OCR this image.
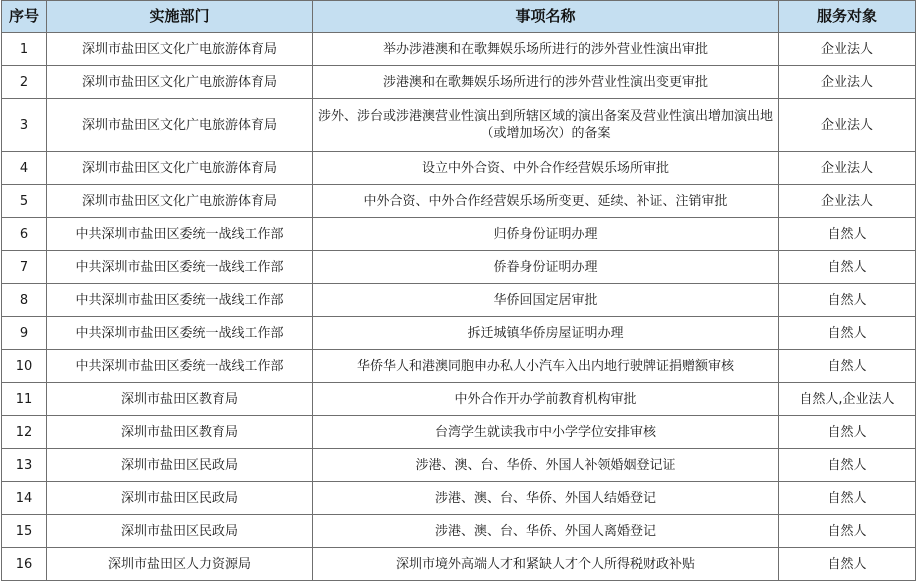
序号	实施部门	事项名称	服务对象
1	深圳市盐田区文化广电旅游体育局	举办涉港澳和在歌舞娱乐场所进行的涉外营业性演出审批	企业法人
2	深圳市盐田区文化广电旅游体育局	涉港澳和在歌舞娱乐场所进行的涉外营业性演出变更审批	企业法人
3	深圳市盐田区文化广电旅游体育局	涉外、涉台或涉港澳营业性演出到所辖区域的演出备案及营业性演出增加演出地（或增加场次）的备案	企业法人
4	深圳市盐田区文化广电旅游体育局	设立中外合资、中外合作经营娱乐场所审批	企业法人
5	深圳市盐田区文化广电旅游体育局	中外合资、中外合作经营娱乐场所变更、延续、补证、注销审批	企业法人
6	中共深圳市盐田区委统一战线工作部	归侨身份证明办理	自然人
7	中共深圳市盐田区委统一战线工作部	侨眷身份证明办理	自然人
8	中共深圳市盐田区委统一战线工作部	华侨回国定居审批	自然人
9	中共深圳市盐田区委统一战线工作部	拆迁城镇华侨房屋证明办理	自然人
10	中共深圳市盐田区委统一战线工作部	华侨华人和港澳同胞申办私人小汽车入出内地行驶牌证捐赠额审核	自然人
11	深圳市盐田区教育局	中外合作开办学前教育机构审批	自然人,企业法人
12	深圳市盐田区教育局	台湾学生就读我市中小学学位安排审核	自然人
13	深圳市盐田区民政局	涉港、澳、台、华侨、外国人补领婚姻登记证	自然人
14	深圳市盐田区民政局	涉港、澳、台、华侨、外国人结婚登记	自然人
15	深圳市盐田区民政局	涉港、澳、台、华侨、外国人离婚登记	自然人
16	深圳市盐田区人力资源局	深圳市境外高端人才和紧缺人才个人所得税财政补贴	自然人
